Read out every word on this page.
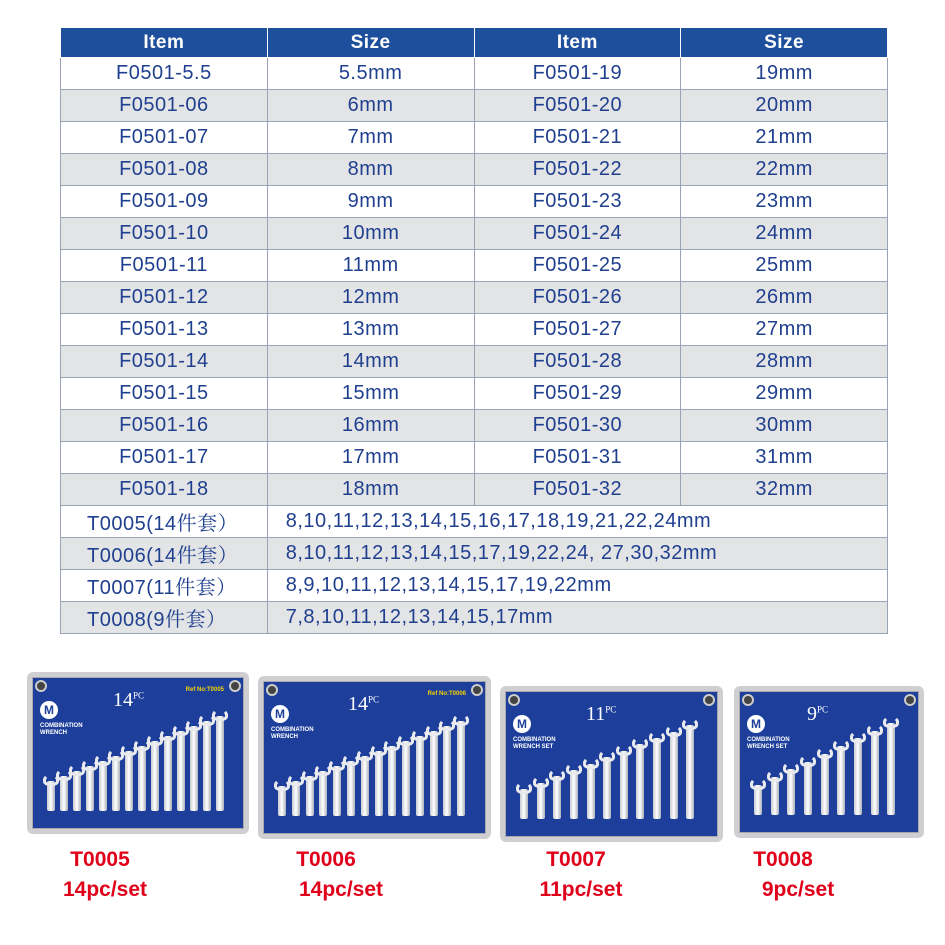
Item	Size	Item	Size
F0501-5.5	5.5mm	F0501-19	19mm
F0501-06	6mm	F0501-20	20mm
F0501-07	7mm	F0501-21	21mm
F0501-08	8mm	F0501-22	22mm
F0501-09	9mm	F0501-23	23mm
F0501-10	10mm	F0501-24	24mm
F0501-11	11mm	F0501-25	25mm
F0501-12	12mm	F0501-26	26mm
F0501-13	13mm	F0501-27	27mm
F0501-14	14mm	F0501-28	28mm
F0501-15	15mm	F0501-29	29mm
F0501-16	16mm	F0501-30	30mm
F0501-17	17mm	F0501-31	31mm
F0501-18	18mm	F0501-32	32mm
T0005(14件套）	8,10,11,12,13,14,15,16,17,18,19,21,22,24mm		
T0006(14件套）	8,10,11,12,13,14,15,17,19,22,24, 27,30,32mm		
T0007(11件套）	8,9,10,11,12,13,14,15,17,19,22mm		
T0008(9件套）	7,8,10,11,12,13,14,15,17mm		
M
COMBINATION WRENCH
$14^{PC}$
Ref No:T0005
T0005
14pc/set
M
COMBINATION WRENCH
$14^{PC}$
Ref No:T0006
T0006
14pc/set
M
COMBINATION WRENCH SET
$11^{PC}$
T0007
11pc/set
M
COMBINATION WRENCH SET
$9^{PC}$
T0008
9pc/set
